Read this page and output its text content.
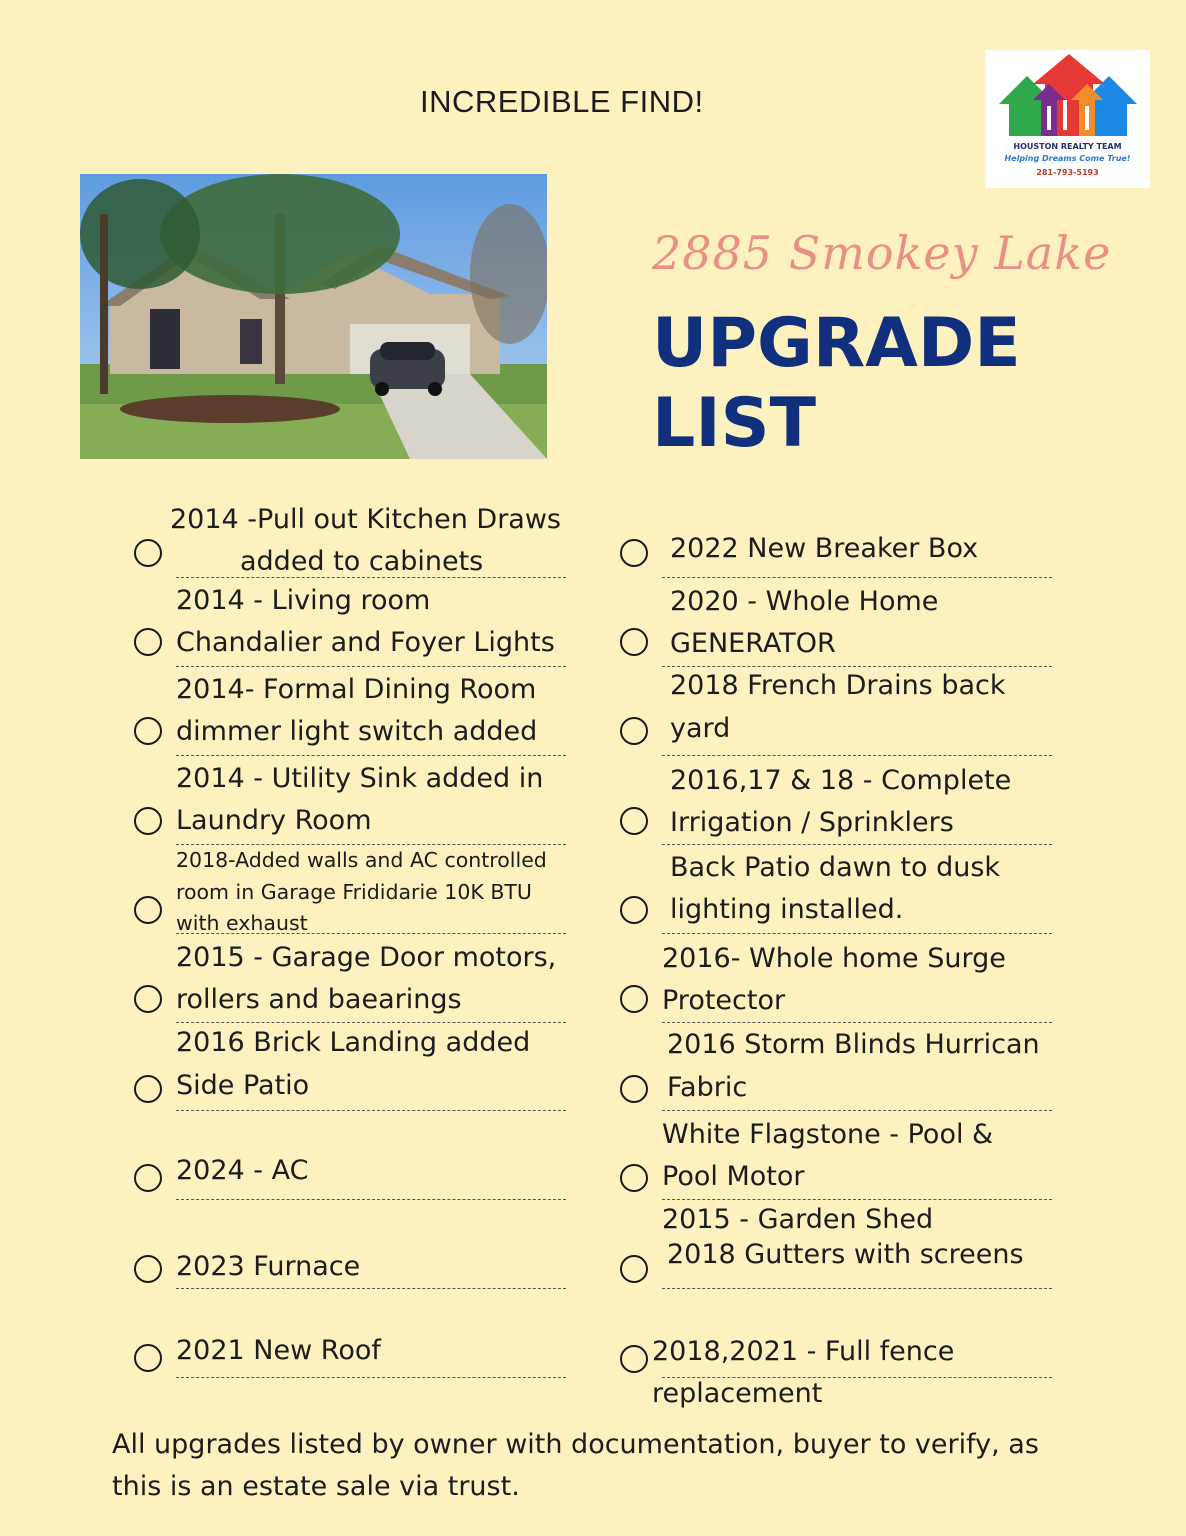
INCREDIBLE FIND!
HOUSTON REALTY TEAM
Helping Dreams Come True!
281-793-5193
2885 Smokey Lake
UPGRADE
LIST
2014 -Pull out Kitchen Draws
added to cabinets
2014 - Living room
Chandalier and Foyer Lights
2014- Formal Dining Room
dimmer light switch added
2014 - Utility Sink added in
Laundry Room
2018-Added walls and AC controlled
room in Garage Frididarie 10K BTU
with exhaust
2015 - Garage Door motors,
rollers and baearings
2016 Brick Landing added
Side Patio
2024 - AC
2023 Furnace
2021 New Roof
2022 New Breaker Box
2020 - Whole Home
GENERATOR
2018 French Drains back
yard
2016,17 & 18 - Complete
Irrigation / Sprinklers
Back Patio dawn to dusk
lighting installed.
2016- Whole home Surge
Protector
2016 Storm Blinds Hurrican
Fabric
White Flagstone - Pool &
Pool Motor
2015 - Garden Shed
2018 Gutters with screens
2018,2021 - Full fence
replacement
All upgrades listed by owner with documentation, buyer to verify, as
this is an estate sale via trust.
